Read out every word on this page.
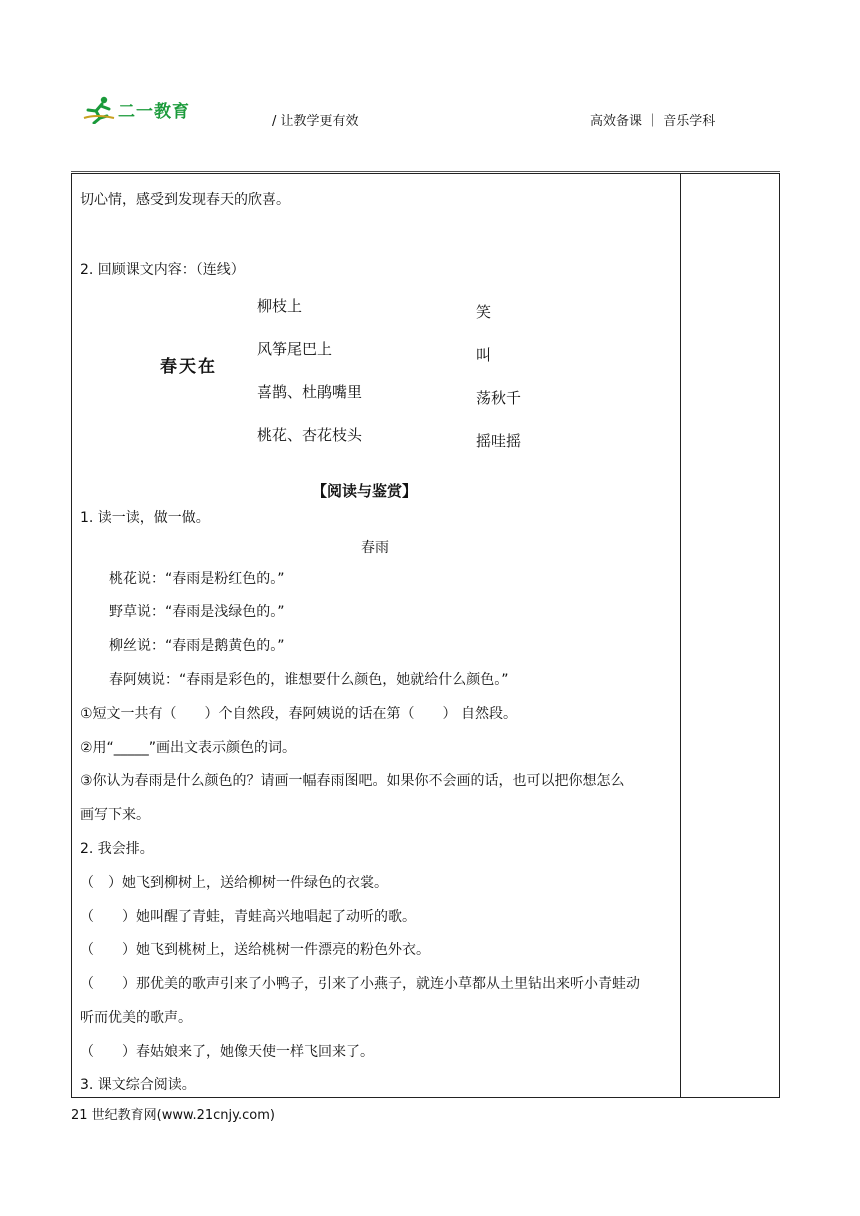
二一教育	/ 让教学更有效	高效备课 ｜ 音乐学科
切心情，感受到发现春天的欣喜。
2. 回顾课文内容：（连线）
春天在
柳枝上
风筝尾巴上
喜鹊、杜鹃嘴里
桃花、杏花枝头
笑
叫
荡秋千
摇哇摇
【阅读与鉴赏】
1. 读一读，做一做。
春雨
桃花说：“春雨是粉红色的。”
野草说：“春雨是浅绿色的。”
柳丝说：“春雨是鹅黄色的。”
春阿姨说：“春雨是彩色的，谁想要什么颜色，她就给什么颜色。”
①短文一共有（　　）个自然段，春阿姨说的话在第（　　） 自然段。
②用“_____”画出文表示颜色的词。
③你认为春雨是什么颜色的？请画一幅春雨图吧。如果你不会画的话，也可以把你想怎么
画写下来。
2. 我会排。
（　）她飞到柳树上，送给柳树一件绿色的衣裳。
（　　）她叫醒了青蛙，青蛙高兴地唱起了动听的歌。
（　　）她飞到桃树上，送给桃树一件漂亮的粉色外衣。
（　　）那优美的歌声引来了小鸭子，引来了小燕子，就连小草都从土里钻出来听小青蛙动
听而优美的歌声。
（　　）春姑娘来了，她像天使一样飞回来了。
3. 课文综合阅读。
21 世纪教育网(www.21cnjy.com)
